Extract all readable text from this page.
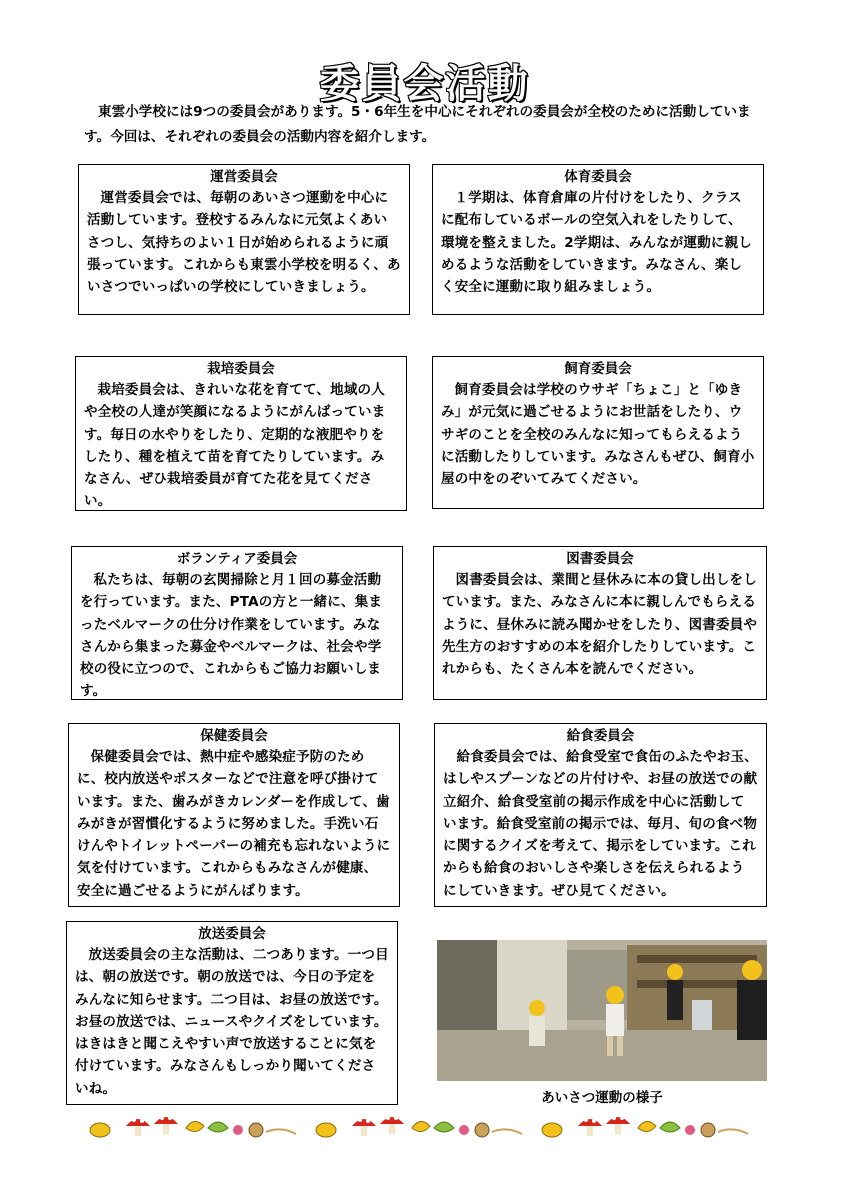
委員会活動
東雲小学校には9つの委員会があります。5・6年生を中心にそれぞれの委員会が全校のために活動しています。今回は、それぞれの委員会の活動内容を紹介します。
運営委員会

運営委員会では、毎朝のあいさつ運動を中心に活動しています。登校するみんなに元気よくあいさつし、気持ちのよい１日が始められるように頑張っています。これからも東雲小学校を明るく、あいさつでいっぱいの学校にしていきましょう。

体育委員会

１学期は、体育倉庫の片付けをしたり、クラスに配布しているボールの空気入れをしたりして、環境を整えました。2学期は、みんなが運動に親しめるような活動をしていきます。みなさん、楽しく安全に運動に取り組みましょう。

栽培委員会

栽培委員会は、きれいな花を育てて、地域の人や全校の人達が笑顔になるようにがんばっています。毎日の水やりをしたり、定期的な液肥やりをしたり、種を植えて苗を育てたりしています。みなさん、ぜひ栽培委員が育てた花を見てください。

飼育委員会

飼育委員会は学校のウサギ「ちょこ」と「ゆきみ」が元気に過ごせるようにお世話をしたり、ウサギのことを全校のみんなに知ってもらえるように活動したりしています。みなさんもぜひ、飼育小屋の中をのぞいてみてください。

ボランティア委員会

私たちは、毎朝の玄関掃除と月１回の募金活動を行っています。また、PTAの方と一緒に、集まったベルマークの仕分け作業をしています。みなさんから集まった募金やベルマークは、社会や学校の役に立つので、これからもご協力お願いします。

図書委員会

図書委員会は、業間と昼休みに本の貸し出しをしています。また、みなさんに本に親しんでもらえるように、昼休みに読み聞かせをしたり、図書委員や先生方のおすすめの本を紹介したりしています。これからも、たくさん本を読んでください。

保健委員会

保健委員会では、熱中症や感染症予防のために、校内放送やポスターなどで注意を呼び掛けています。また、歯みがきカレンダーを作成して、歯みがきが習慣化するように努めました。手洗い石けんやトイレットペーパーの補充も忘れないように気を付けています。これからもみなさんが健康、安全に過ごせるようにがんばります。

給食委員会

給食委員会では、給食受室で食缶のふたやお玉、はしやスプーンなどの片付けや、お昼の放送での献立紹介、給食受室前の掲示作成を中心に活動しています。給食受室前の掲示では、毎月、旬の食べ物に関するクイズを考えて、掲示をしています。これからも給食のおいしさや楽しさを伝えられるようにしていきます。ぜひ見てください。

放送委員会

放送委員会の主な活動は、二つあります。一つ目は、朝の放送です。朝の放送では、今日の予定をみんなに知らせます。二つ目は、お昼の放送です。お昼の放送では、ニュースやクイズをしています。はきはきと聞こえやすい声で放送することに気を付けています。みなさんもしっかり聞いてくださいね。

あいさつ運動の様子
